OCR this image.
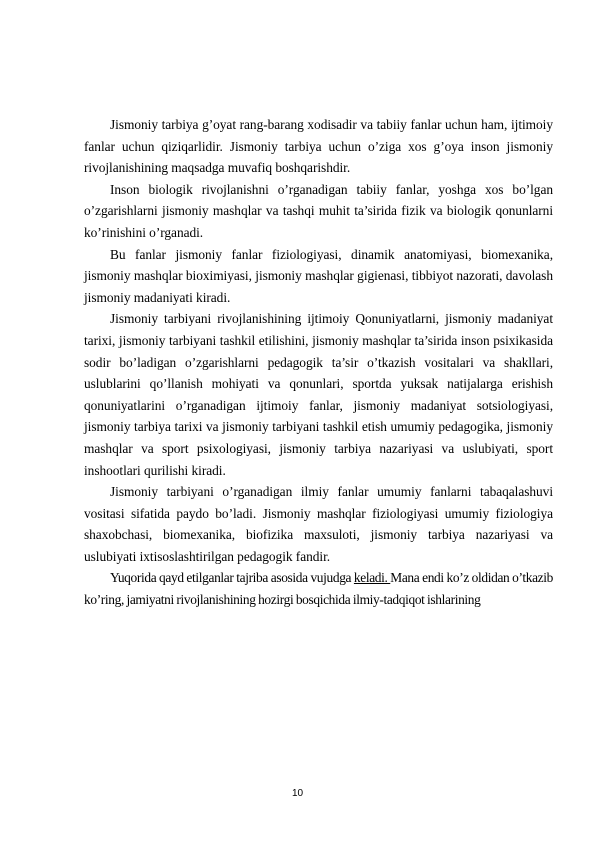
Jismoniy tarbiya g’oyat rang-barang xodisadir va tabiiy fanlar uchun ham, ijtimoiy fanlar uchun qiziqarlidir. Jismoniy tarbiya uchun o’ziga xos g’oya inson jismoniy rivojlanishining maqsadga muvafiq boshqarishdir.

Inson biologik rivojlanishni o’rganadigan tabiiy fanlar, yoshga xos bo’lgan o’zgarishlarni jismoniy mashqlar va tashqi muhit ta’sirida fizik va biologik qonunlarni ko’rinishini o’rganadi.

Bu fanlar jismoniy fanlar fiziologiyasi, dinamik anatomiyasi, biomexanika, jismoniy mashqlar bioximiyasi, jismoniy mashqlar gigienasi, tibbiyot nazorati, davolash jismoniy madaniyati kiradi.

Jismoniy tarbiyani rivojlanishining ijtimoiy Qonuniyatlarni, jismoniy madaniyat tarixi, jismoniy tarbiyani tashkil etilishini, jismoniy mashqlar ta’sirida inson psixikasida sodir bo’ladigan o’zgarishlarni pedagogik ta’sir o’tkazish vositalari va shakllari, uslublarini qo’llanish mohiyati va qonunlari, sportda yuksak natijalarga erishish qonuniyatlarini o’rganadigan ijtimoiy fanlar, jismoniy madaniyat sotsiologiyasi, jismoniy tarbiya tarixi va jismoniy tarbiyani tashkil etish umumiy pedagogika, jismoniy mashqlar va sport psixologiyasi, jismoniy tarbiya nazariyasi va uslubiyati, sport inshootlari qurilishi kiradi.

Jismoniy tarbiyani o’rganadigan ilmiy fanlar umumiy fanlarni tabaqalashuvi vositasi sifatida paydo bo’ladi. Jismoniy mashqlar fiziologiyasi umumiy fiziologiya shaxobchasi, biomexanika, biofizika maxsuloti, jismoniy tarbiya nazariyasi va uslubiyati ixtisoslashtirilgan pedagogik fandir.

Yuqorida qayd etilganlar tajriba asosida vujudga keladi. Mana endi ko’z oldidan o’tkazib ko’ring, jamiyatni rivojlanishining hozirgi bosqichida ilmiy-tadqiqot ishlarining

10
